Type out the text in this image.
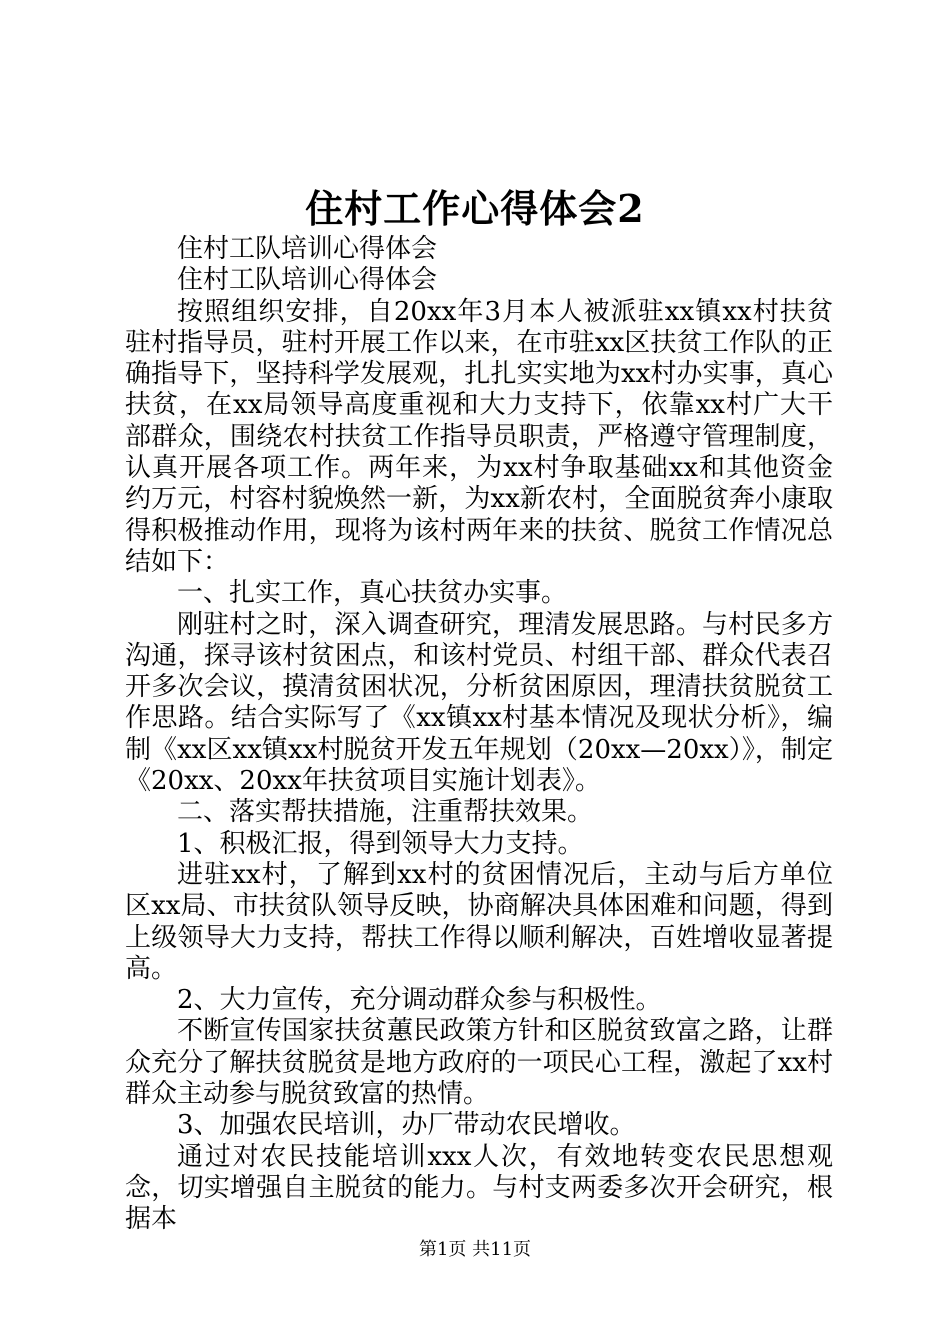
住村工作心得体会2

住村工队培训心得体会

住村工队培训心得体会

按照组织安排，自20xx年3月本人被派驻xx镇xx村扶贫驻村指导员，驻村开展工作以来，在市驻xx区扶贫工作队的正确指导下，坚持科学发展观，扎扎实实地为xx村办实事，真心扶贫，在xx局领导高度重视和大力支持下，依靠xx村广大干部群众，围绕农村扶贫工作指导员职责，严格遵守管理制度，认真开展各项工作。两年来，为xx村争取基础xx和其他资金约万元，村容村貌焕然一新，为xx新农村，全面脱贫奔小康取得积极推动作用，现将为该村两年来的扶贫、脱贫工作情况总结如下：

一、扎实工作，真心扶贫办实事。

刚驻村之时，深入调查研究，理清发展思路。与村民多方沟通，探寻该村贫困点，和该村党员、村组干部、群众代表召开多次会议，摸清贫困状况，分析贫困原因，理清扶贫脱贫工作思路。结合实际写了《xx镇xx村基本情况及现状分析》，编制《xx区xx镇xx村脱贫开发五年规划（20xx—20xx）》，制定《20xx、20xx年扶贫项目实施计划表》。

二、落实帮扶措施，注重帮扶效果。

1、积极汇报，得到领导大力支持。

进驻xx村，了解到xx村的贫困情况后，主动与后方单位区xx局、市扶贫队领导反映，协商解决具体困难和问题，得到上级领导大力支持，帮扶工作得以顺利解决，百姓增收显著提高。

2、大力宣传，充分调动群众参与积极性。

不断宣传国家扶贫蕙民政策方针和区脱贫致富之路，让群众充分了解扶贫脱贫是地方政府的一项民心工程，激起了xx村群众主动参与脱贫致富的热情。

3、加强农民培训，办厂带动农民增收。

通过对农民技能培训xxx人次，有效地转变农民思想观念，切实增强自主脱贫的能力。与村支两委多次开会研究，根据本

第1页 共11页
